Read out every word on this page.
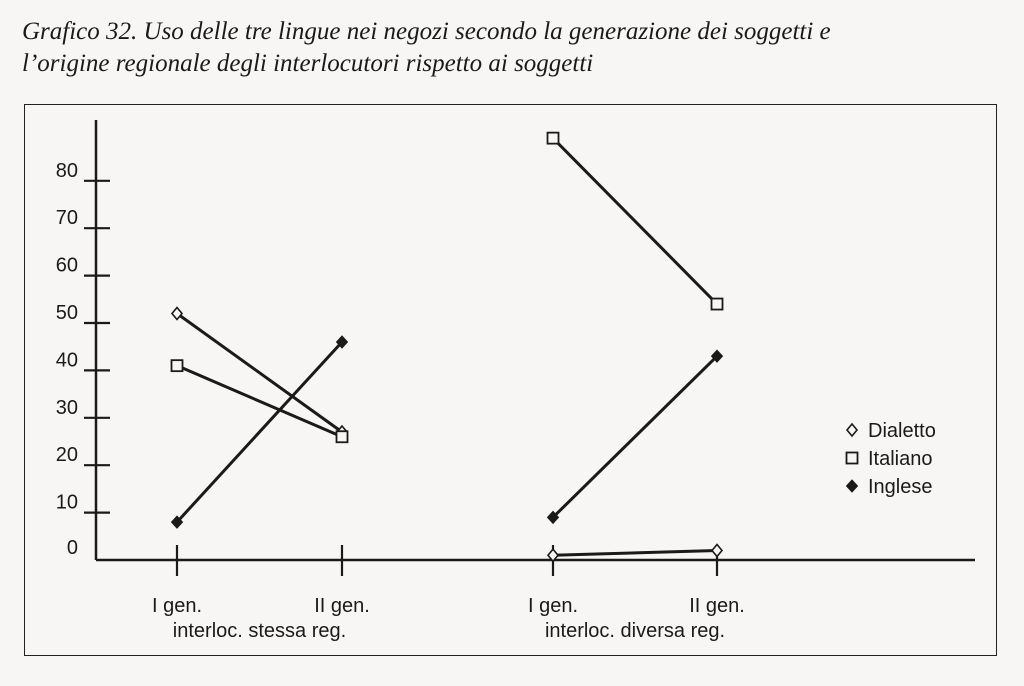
Grafico 32. Uso delle tre lingue nei negozi secondo la generazione dei soggetti e
l’origine regionale degli interlocutori rispetto ai soggetti
0
10
20
30
40
50
60
70
80
I gen.	II gen.
interloc. stessa reg.
I gen.	II gen.
interloc. diversa reg.
Dialetto
Italiano
Inglese
